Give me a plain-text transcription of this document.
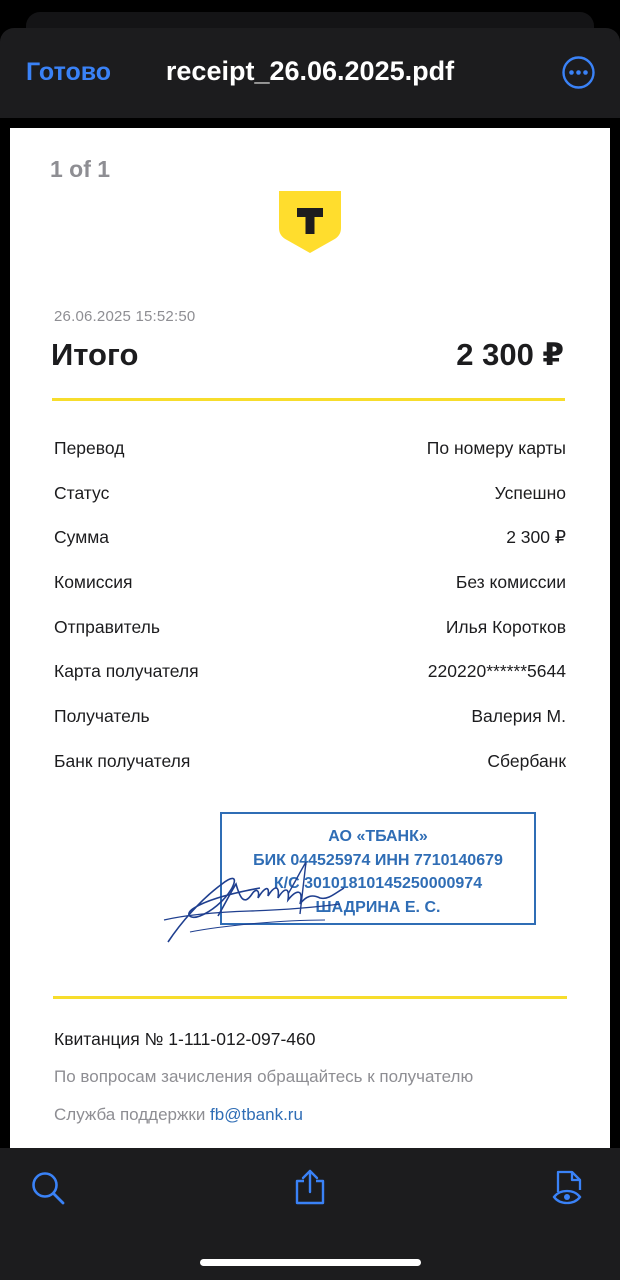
Готово	receipt_26.06.2025.pdf
1 of 1
26.06.2025 15:52:50
Итого	2 300 ₽
Перевод	По номеру карты
Статус	Успешно
Сумма	2 300 ₽
Комиссия	Без комиссии
Отправитель	Илья Коротков
Карта получателя	220220******5644
Получатель	Валерия М.
Банк получателя	Сбербанк
АО «ТБАНК»
БИК 044525974 ИНН 7710140679
К/С 30101810145250000974
ШАДРИНА Е. С.
Квитанция № 1-111-012-097-460
По вопросам зачисления обращайтесь к получателю
Служба поддержки fb@tbank.ru
